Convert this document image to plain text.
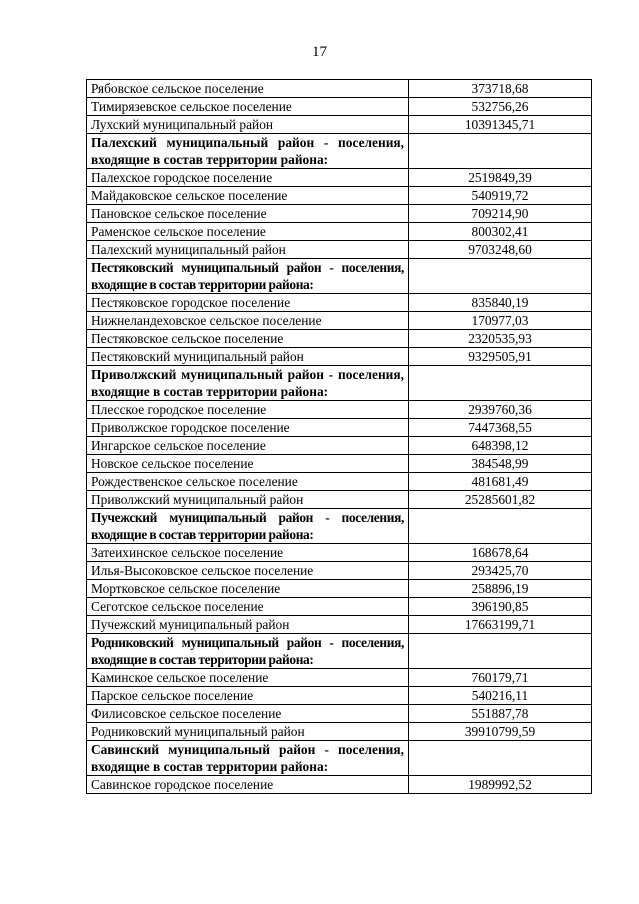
17
Рябовское сельское поселение	373718,68
Тимирязевское сельское поселение	532756,26
Лухский муниципальный район	10391345,71
Палехский муниципальный район - поселения, входящие в состав территории района:	
Палехское городское поселение	2519849,39
Майдаковское сельское поселение	540919,72
Пановское сельское поселение	709214,90
Раменское сельское поселение	800302,41
Палехский муниципальный район	9703248,60
Пестяковский муниципальный район - поселения, входящие в состав территории района:	
Пестяковское городское поселение	835840,19
Нижнеландеховское сельское поселение	170977,03
Пестяковское сельское поселение	2320535,93
Пестяковский муниципальный район	9329505,91
Приволжский муниципальный район - поселения, входящие в состав территории района:	
Плесское городское поселение	2939760,36
Приволжское городское поселение	7447368,55
Ингарское сельское поселение	648398,12
Новское сельское поселение	384548,99
Рождественское сельское поселение	481681,49
Приволжский муниципальный район	25285601,82
Пучежский муниципальный район - поселения, входящие в состав территории района:	
Затеихинское сельское поселение	168678,64
Илья-Высоковское сельское поселение	293425,70
Мортковское сельское поселение	258896,19
Сеготское сельское поселение	396190,85
Пучежский муниципальный район	17663199,71
Родниковский муниципальный район - поселения, входящие в состав территории района:	
Каминское сельское поселение	760179,71
Парское сельское поселение	540216,11
Филисовское сельское поселение	551887,78
Родниковский муниципальный район	39910799,59
Савинский муниципальный район - поселения, входящие в состав территории района:	
Савинское городское поселение	1989992,52
